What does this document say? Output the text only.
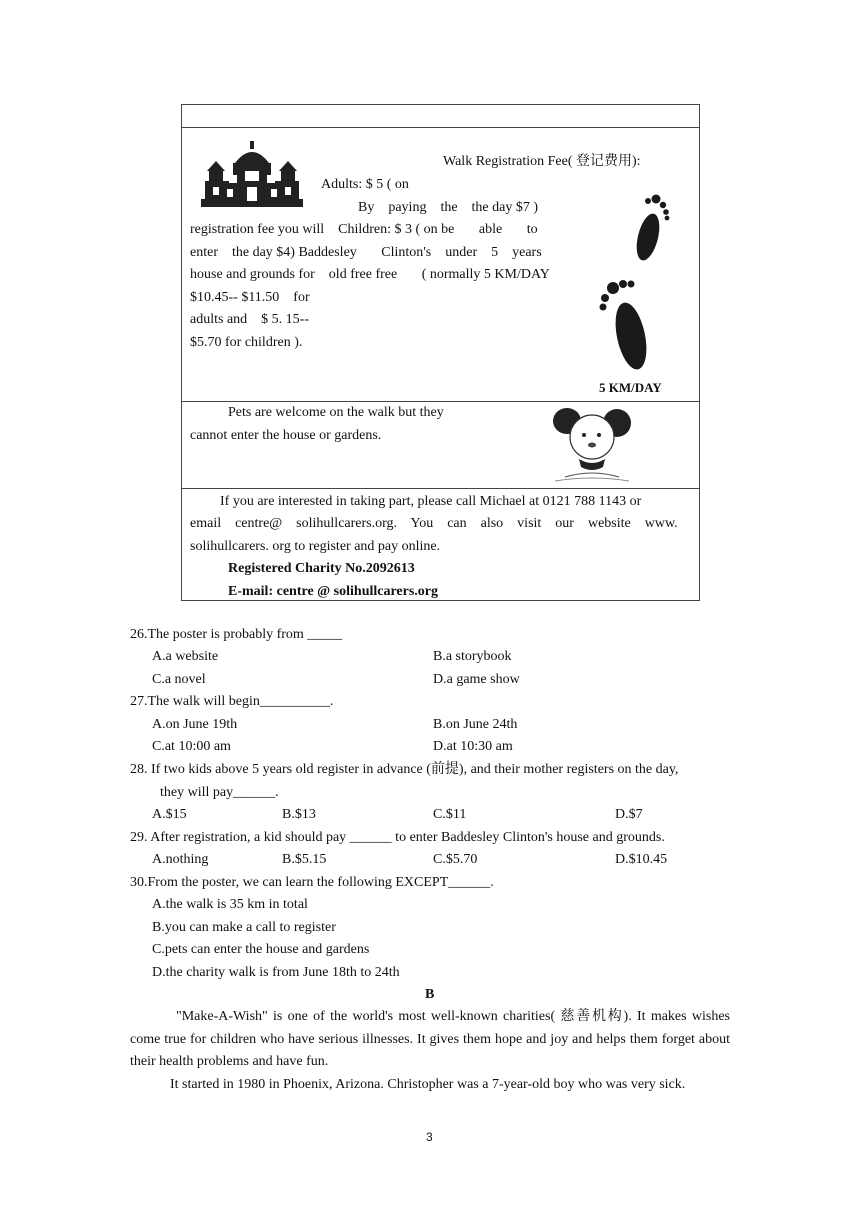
5 KM/DAY
Walk Registration Fee( 登记费用):
Adults: $ 5 ( on
By    paying    the    the day $7 )
registration fee you will    Children: $ 3 ( on be       able       to
enter    the day $4) Baddesley       Clinton's    under    5    years
house and grounds for    old free free       ( normally 5 KM/DAY
$10.45-- $11.50    for
adults and    $ 5. 15--
$5.70 for children ).
Pets are welcome on the walk but they
cannot enter the house or gardens.
If you are interested in taking part, please call Michael at 0121 788 1143 or
email    centre@    solihullcarers.org.    You    can    also    visit    our    website    www.
solihullcarers. org to register and pay online.
Registered Charity No.2092613
E-mail: centre @ solihullcarers.org
26.The poster is probably from _____
A.a website	B.a storybook
C.a novel	D.a game show
27.The walk will begin__________.
A.on June 19th	B.on June 24th
C.at 10:00 am	D.at 10:30 am
28. If two kids above 5 years old register in advance (前提), and their mother registers on the day,
they will pay______.
A.$15	B.$13	C.$11	D.$7
29. After registration, a kid should pay ______ to enter Baddesley Clinton's house and grounds.
A.nothing	B.$5.15	C.$5.70	D.$10.45
30.From the poster, we can learn the following EXCEPT______.
A.the walk is 35 km in total
B.you can make a call to register
C.pets can enter the house and gardens
D.the charity walk is from June 18th to 24th
B
"Make-A-Wish" is one of the world's most well-known charities( 慈善机构). It makes wishes come true for children who have serious illnesses. It gives them hope and joy and helps them forget about their health problems and have fun.
It started in 1980 in Phoenix, Arizona. Christopher was a 7-year-old boy who was very sick.
3
